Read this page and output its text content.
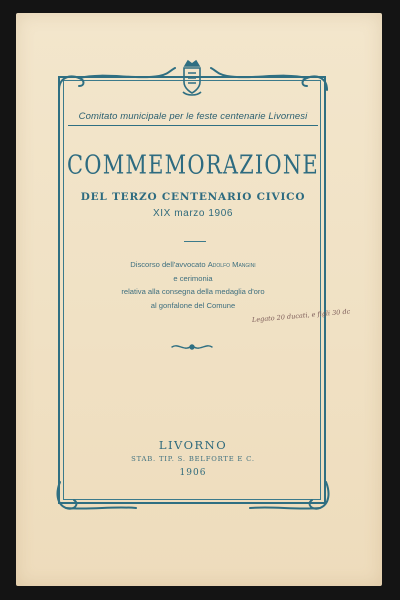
Comitato municipale per le feste centenarie Livornesi
COMMEMORAZIONE
DEL TERZO CENTENARIO CIVICO
XIX marzo 1906
Discorso dell'avvocato Adolfo Mangini
e cerimonia
relativa alla consegna della medaglia d'oro
al gonfalone del Comune
Legato 20 ducati, e figli 30 dc
LIVORNO
STAB. TIP. S. BELFORTE E C.
1906
